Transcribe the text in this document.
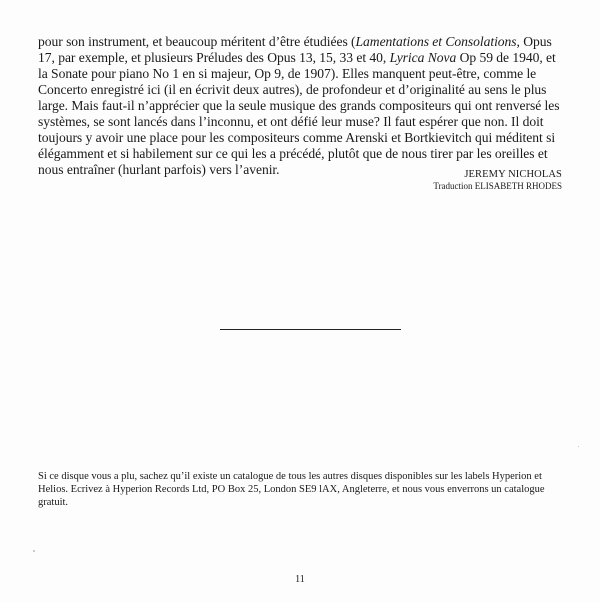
pour son instrument, et beaucoup méritent d’être étudiées (Lamentations et Consolations, Opus 17, par exemple, et plusieurs Préludes des Opus 13, 15, 33 et 40, Lyrica Nova Op 59 de 1940, et la Sonate pour piano No 1 en si majeur, Op 9, de 1907). Elles manquent peut-être, comme le Concerto enregistré ici (il en écrivit deux autres), de profondeur et d’originalité au sens le plus large. Mais faut-il n’apprécier que la seule musique des grands compositeurs qui ont renversé les systèmes, se sont lancés dans l’inconnu, et ont défié leur muse? Il faut espérer que non. Il doit toujours y avoir une place pour les compositeurs comme Arenski et Bortkievitch qui méditent si élégamment et si habilement sur ce qui les a précédé, plutôt que de nous tirer par les oreilles et nous entraîner (hurlant parfois) vers l’avenir.	JEREMY NICHOLAS
Traduction ELISABETH RHODES

Si ce disque vous a plu, sachez qu’il existe un catalogue de tous les autres disques disponibles sur les labels Hyperion et Helios. Ecrivez à Hyperion Records Ltd, PO Box 25, London SE9 lAX, Angleterre, et nous vous enverrons un catalogue gratuit.

11
